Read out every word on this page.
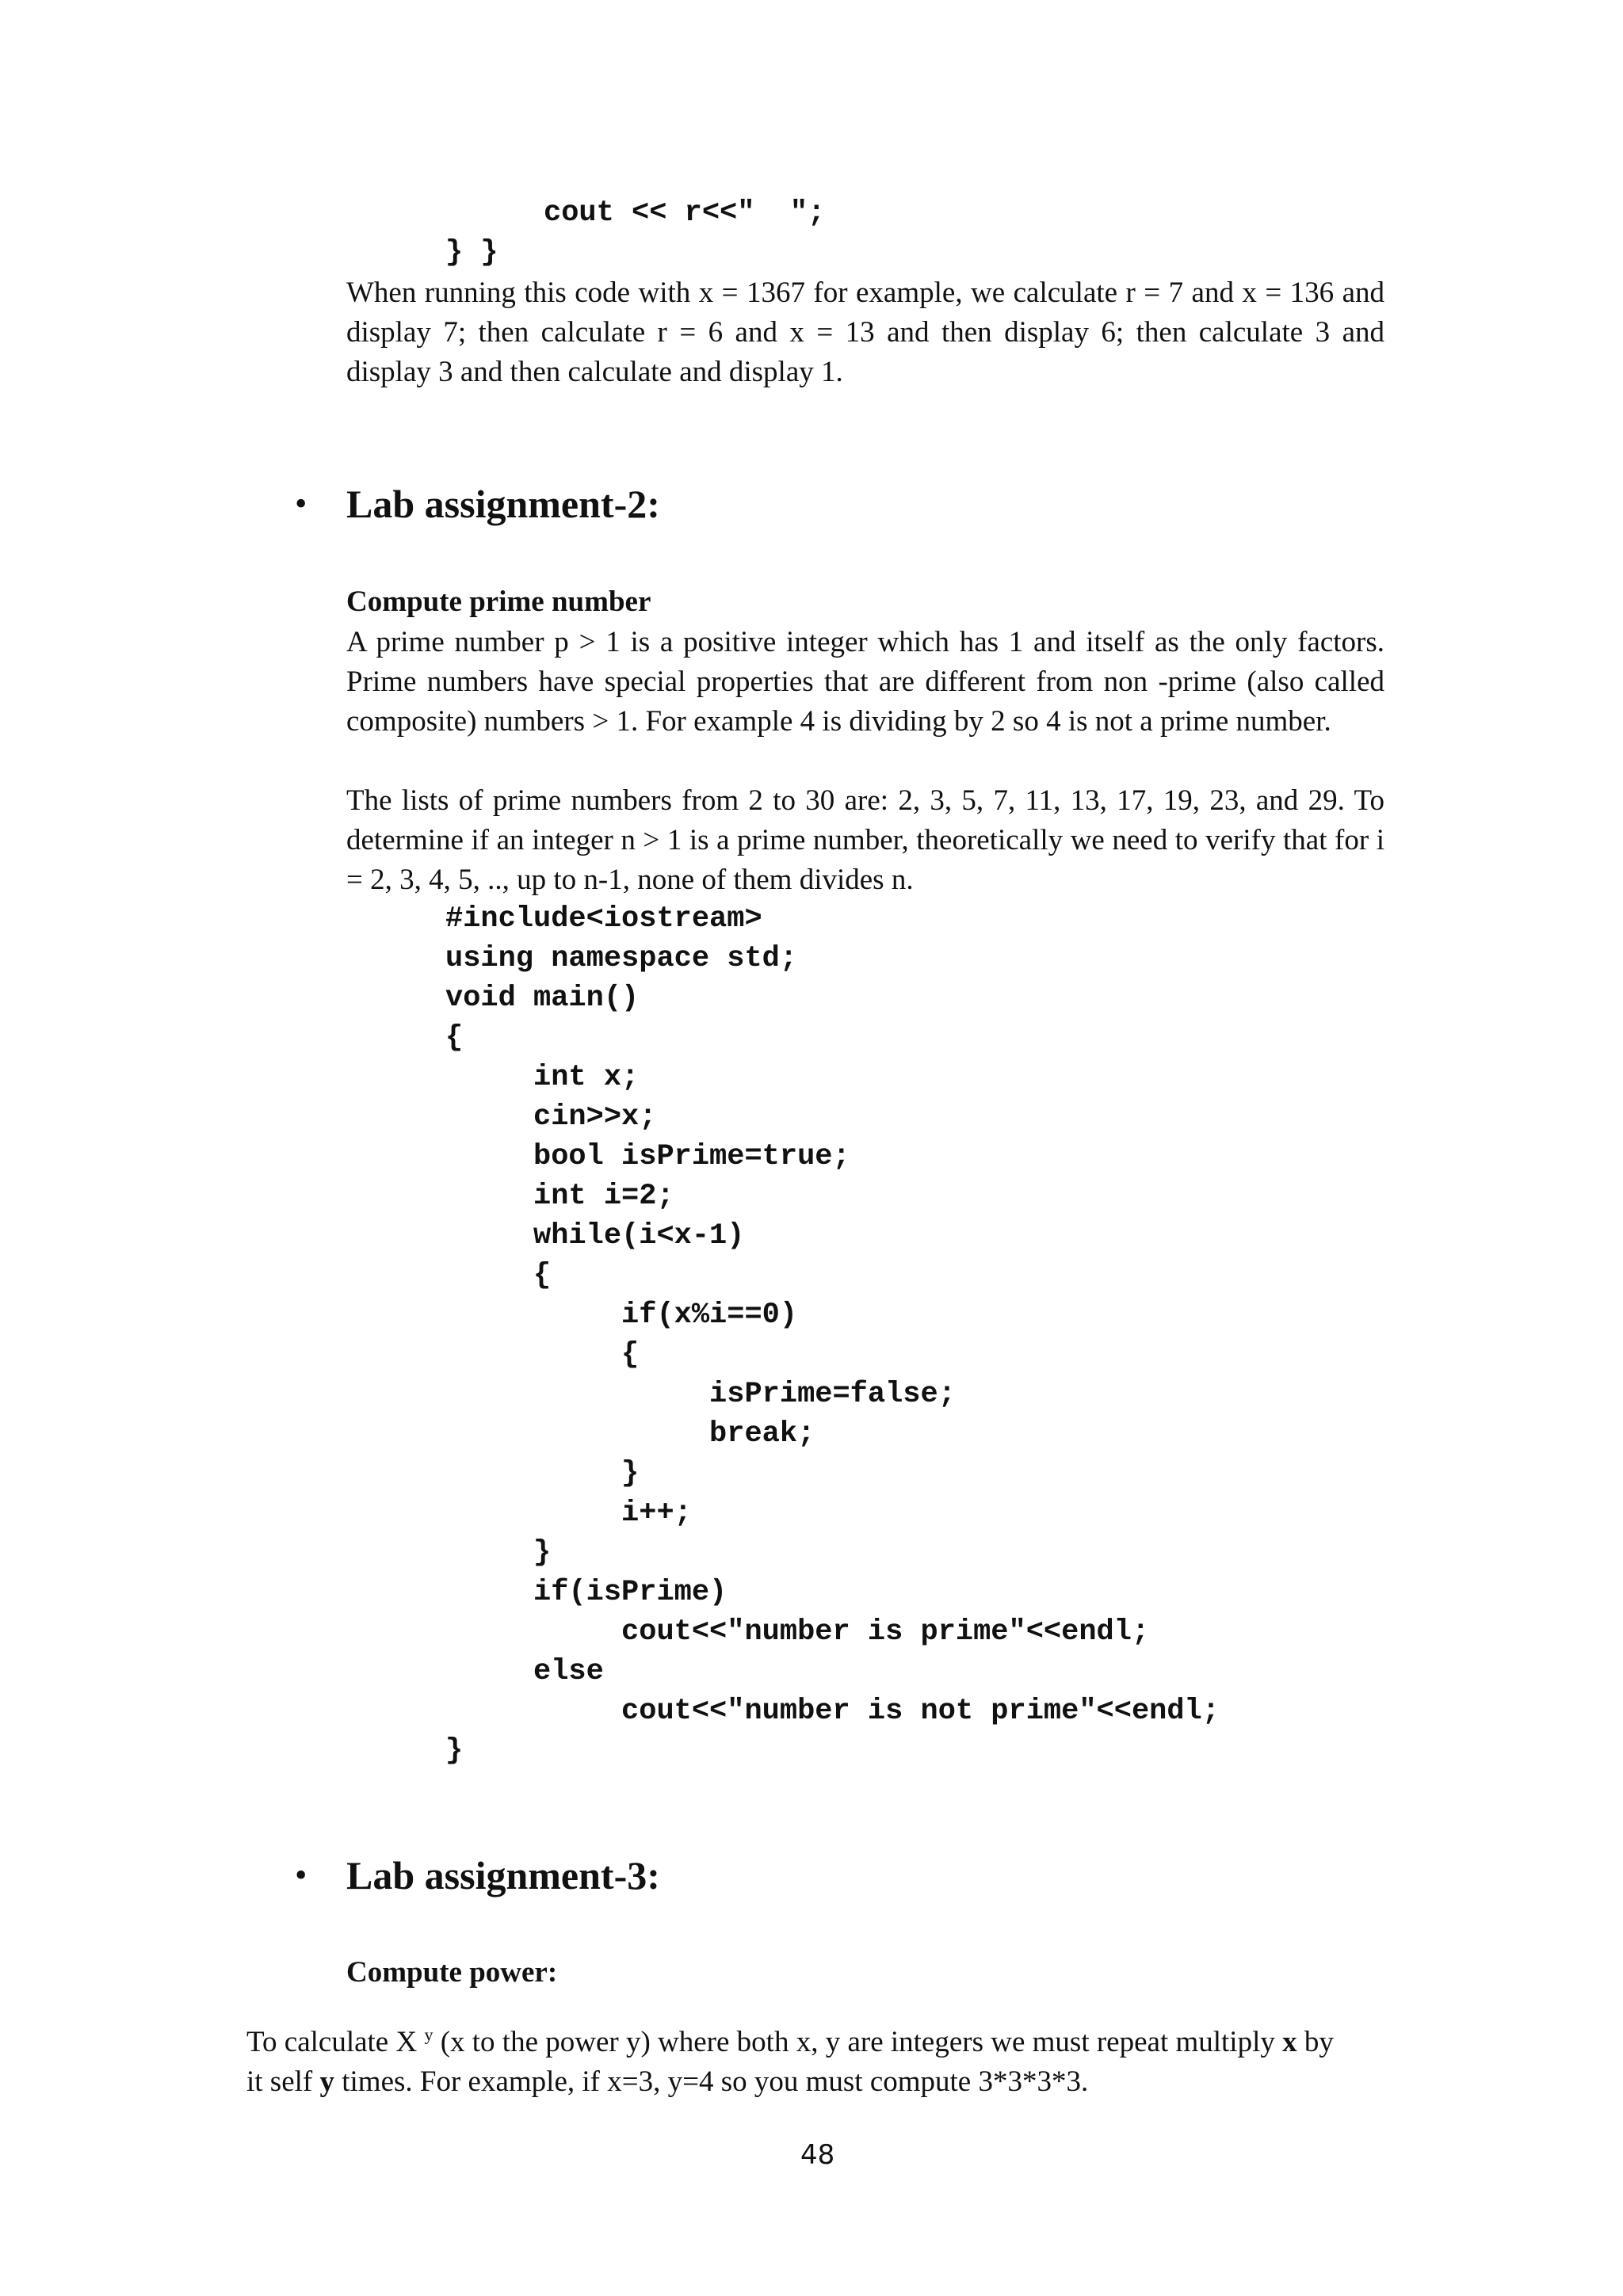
cout << r<<"  ";
} }

When running this code with x = 1367 for example, we calculate r = 7 and x = 136 and display 7; then calculate r = 6 and x = 13 and then display 6; then calculate 3 and display 3 and then calculate and display 1.

• Lab assignment-2:

Compute prime number

A prime number p > 1 is a positive integer which has 1 and itself as the only factors. Prime numbers have special properties that are different from non -prime (also called composite) numbers > 1. For example 4 is dividing by 2 so 4 is not a prime number.

The lists of prime numbers from 2 to 30 are: 2, 3, 5, 7, 11, 13, 17, 19, 23, and 29. To determine if an integer n > 1 is a prime number, theoretically we need to verify that for i = 2, 3, 4, 5, .., up to n-1, none of them divides n.

#include<iostream>
using namespace std;
void main()
{
int x;
cin>>x;
bool isPrime=true;
int i=2;
while(i<x-1)
{
if(x%i==0)
{
isPrime=false;
break;
}
i++;
}
if(isPrime)
cout<<"number is prime"<<endl;
else
cout<<"number is not prime"<<endl;
}
• Lab assignment-3:

Compute power:

To calculate X $^y$ (x to the power y) where both x, y are integers we must repeat multiply x by
it self y times. For example, if x=3, y=4 so you must compute 3*3*3*3.

48
